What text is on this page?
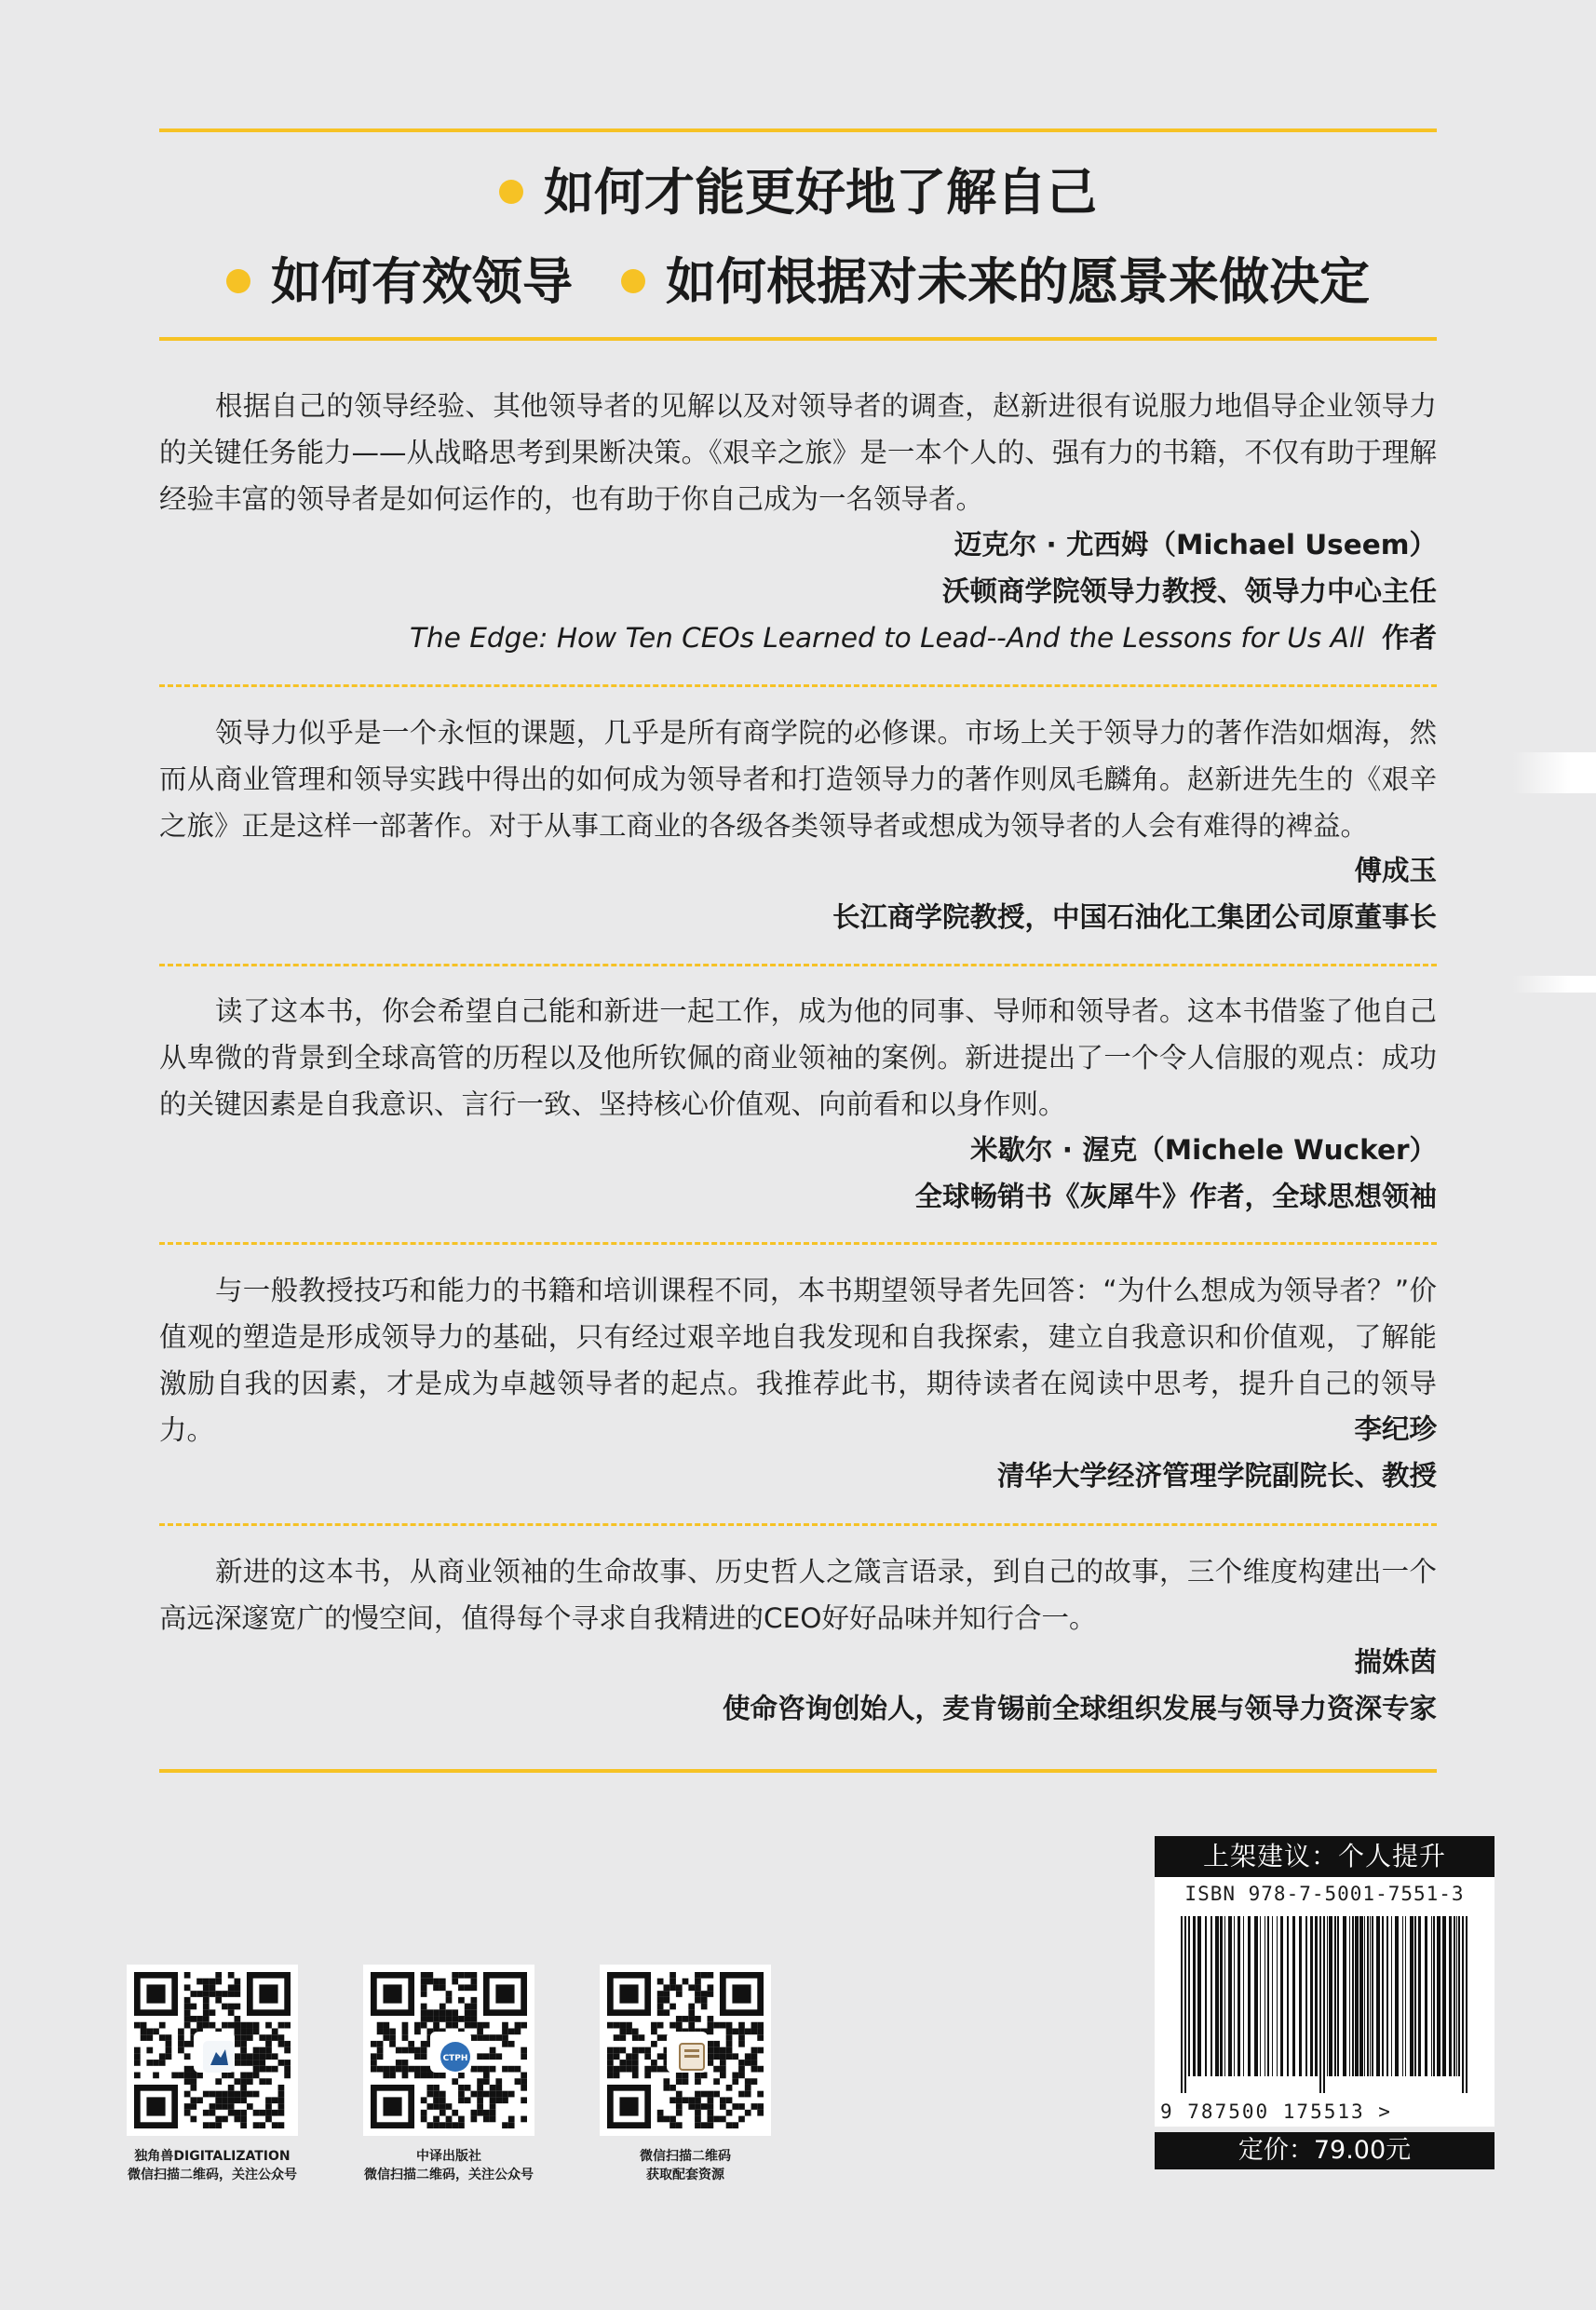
如何才能更好地了解自己
如何有效领导 如何根据对未来的愿景来做决定
根据自己的领导经验、其他领导者的见解以及对领导者的调查，赵新进很有说服力地倡导企业领导力的关键任务能力——从战略思考到果断决策。《艰辛之旅》是一本个人的、强有力的书籍，不仅有助于理解经验丰富的领导者是如何运作的，也有助于你自己成为一名领导者。
迈克尔 · 尤西姆（Michael Useem）
沃顿商学院领导力教授、领导力中心主任
The Edge: How Ten CEOs Learned to Lead--And the Lessons for Us All 作者
领导力似乎是一个永恒的课题，几乎是所有商学院的必修课。市场上关于领导力的著作浩如烟海，然而从商业管理和领导实践中得出的如何成为领导者和打造领导力的著作则凤毛麟角。赵新进先生的《艰辛之旅》正是这样一部著作。对于从事工商业的各级各类领导者或想成为领导者的人会有难得的裨益。
傅成玉
长江商学院教授，中国石油化工集团公司原董事长
读了这本书，你会希望自己能和新进一起工作，成为他的同事、导师和领导者。这本书借鉴了他自己从卑微的背景到全球高管的历程以及他所钦佩的商业领袖的案例。新进提出了一个令人信服的观点：成功的关键因素是自我意识、言行一致、坚持核心价值观、向前看和以身作则。
米歇尔 · 渥克（Michele Wucker）
全球畅销书《灰犀牛》作者，全球思想领袖
与一般教授技巧和能力的书籍和培训课程不同，本书期望领导者先回答：“为什么想成为领导者？”价值观的塑造是形成领导力的基础，只有经过艰辛地自我发现和自我探索，建立自我意识和价值观，了解能激励自我的因素，才是成为卓越领导者的起点。我推荐此书，期待读者在阅读中思考，提升自己的领导力。	李纪珍
清华大学经济管理学院副院长、教授
新进的这本书，从商业领袖的生命故事、历史哲人之箴言语录，到自己的故事，三个维度构建出一个高远深邃宽广的慢空间，值得每个寻求自我精进的CEO好好品味并知行合一。
揣姝茵
使命咨询创始人，麦肯锡前全球组织发展与领导力资深专家
独角兽DIGITALIZATION
微信扫描二维码，关注公众号
CTPH
中译出版社
微信扫描二维码，关注公众号
微信扫描二维码
获取配套资源
上架建议：个人提升
ISBN 978-7-5001-7551-3
9 787500 175513 >
定价：79.00元
